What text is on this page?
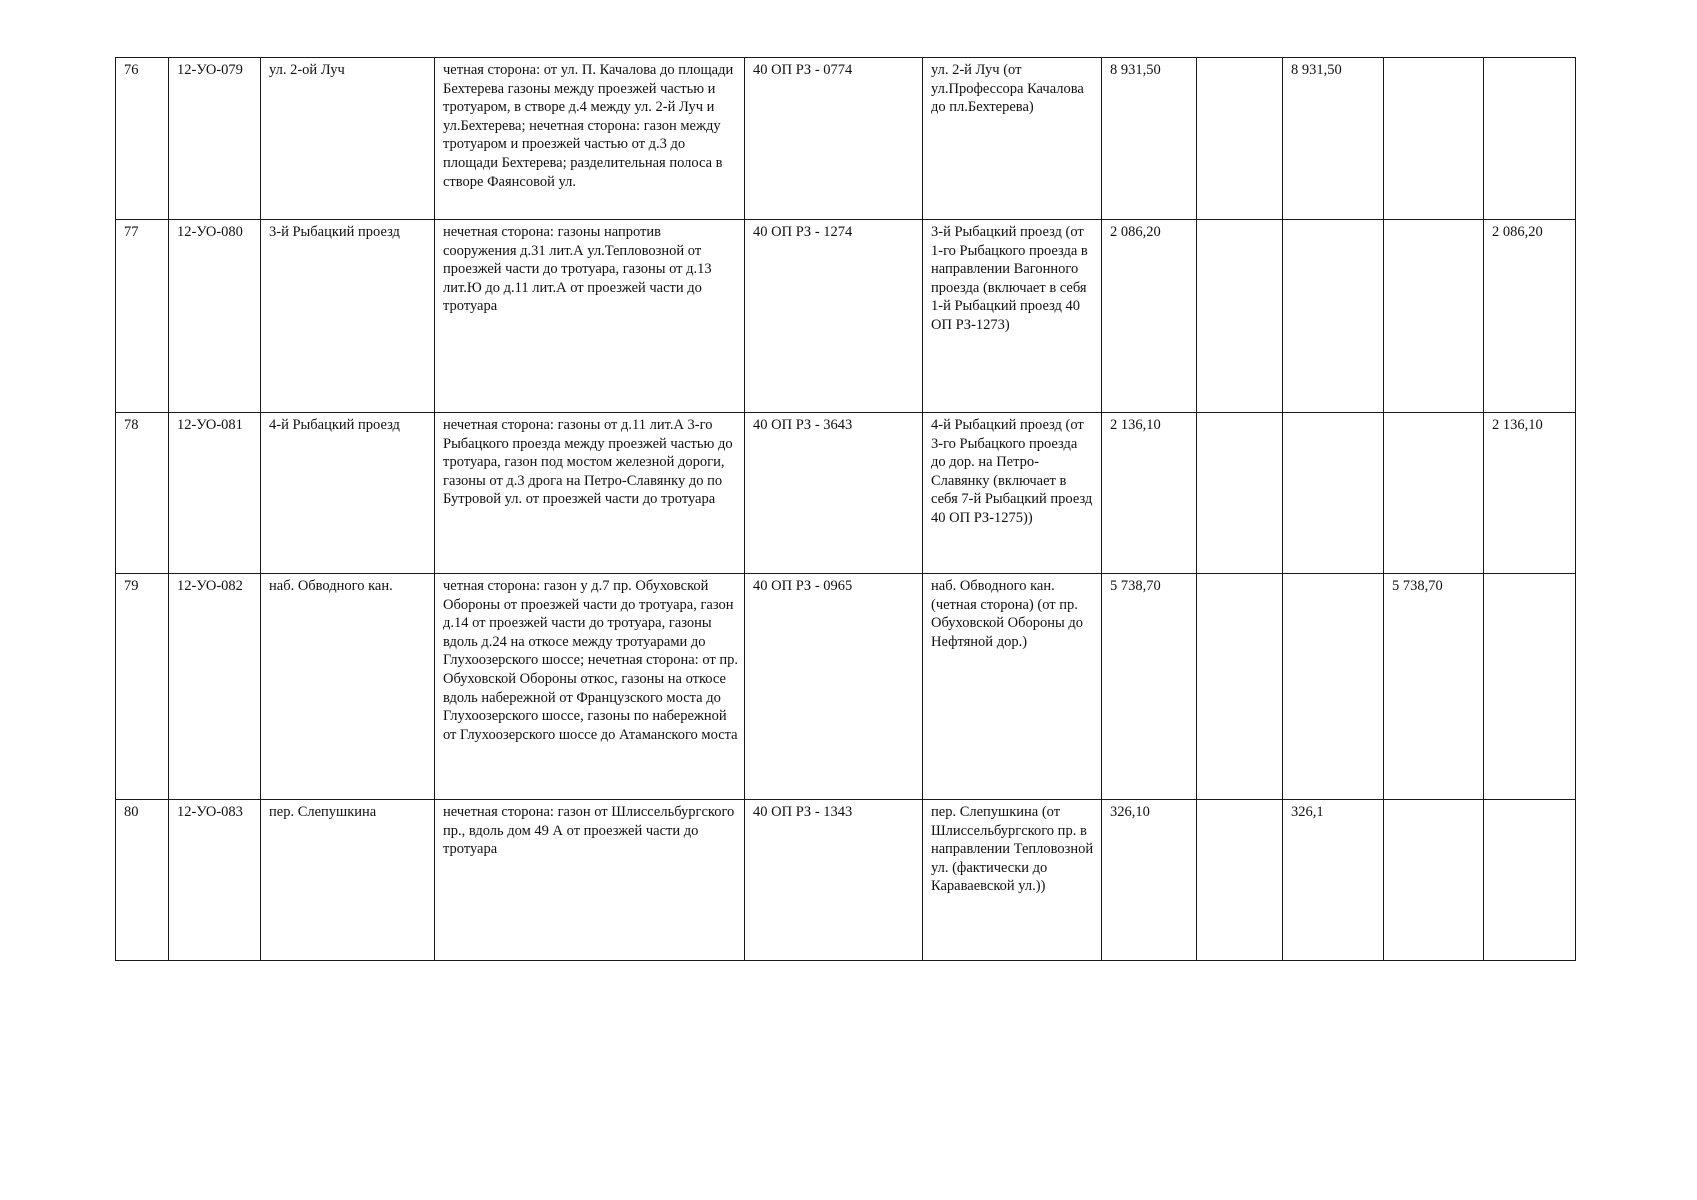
76	12-УО-079	ул. 2-ой Луч	четная сторона: от ул. П. Качалова до площади Бехтерева газоны между проезжей частью и тротуаром, в створе д.4 между ул. 2-й Луч и ул.Бехтерева; нечетная сторона: газон между тротуаром и проезжей частью от д.3 до площади Бехтерева; разделительная полоса в створе Фаянсовой ул.	40 ОП РЗ - 0774	ул. 2-й Луч (от ул.Профессора Качалова до пл.Бехтерева)	8 931,50		8 931,50		
77	12-УО-080	3-й Рыбацкий проезд	нечетная сторона: газоны напротив сооружения д.31 лит.А ул.Тепловозной от проезжей части до тротуара, газоны от д.13 лит.Ю до д.11 лит.А от проезжей части до тротуара	40 ОП РЗ - 1274	3-й Рыбацкий проезд (от 1-го Рыбацкого проезда в направлении Вагонного проезда (включает в себя 1-й Рыбацкий проезд 40 ОП РЗ-1273)	2 086,20				2 086,20
78	12-УО-081	4-й Рыбацкий проезд	нечетная сторона: газоны от д.11 лит.А 3-го Рыбацкого проезда между проезжей частью до тротуара, газон под мостом железной дороги, газоны от д.3 дрога на Петро-Славянку до по Бутровой ул. от проезжей части до тротуара	40 ОП РЗ - 3643	4-й Рыбацкий проезд (от 3-го Рыбацкого проезда до дор. на Петро-Славянку (включает в себя 7-й Рыбацкий проезд 40 ОП РЗ-1275))	2 136,10				2 136,10
79	12-УО-082	наб. Обводного кан.	четная сторона: газон у д.7 пр. Обуховской Обороны от проезжей части до тротуара, газон д.14 от проезжей части до тротуара, газоны вдоль д.24 на откосе между тротуарами до Глухоозерского шоссе; нечетная сторона: от пр. Обуховской Обороны откос, газоны на откосе вдоль набережной от Французского моста до Глухоозерского шоссе, газоны по набережной от Глухоозерского шоссе до Атаманского моста	40 ОП РЗ - 0965	наб. Обводного кан. (четная сторона) (от пр. Обуховской Обороны до Нефтяной дор.)	5 738,70			5 738,70	
80	12-УО-083	пер. Слепушкина	нечетная сторона: газон от Шлиссельбургского пр., вдоль дом 49 А от проезжей части до тротуара	40 ОП РЗ - 1343	пер. Слепушкина (от Шлиссельбургского пр. в направлении Тепловозной ул. (фактически до Караваевской ул.))	326,10		326,1		
